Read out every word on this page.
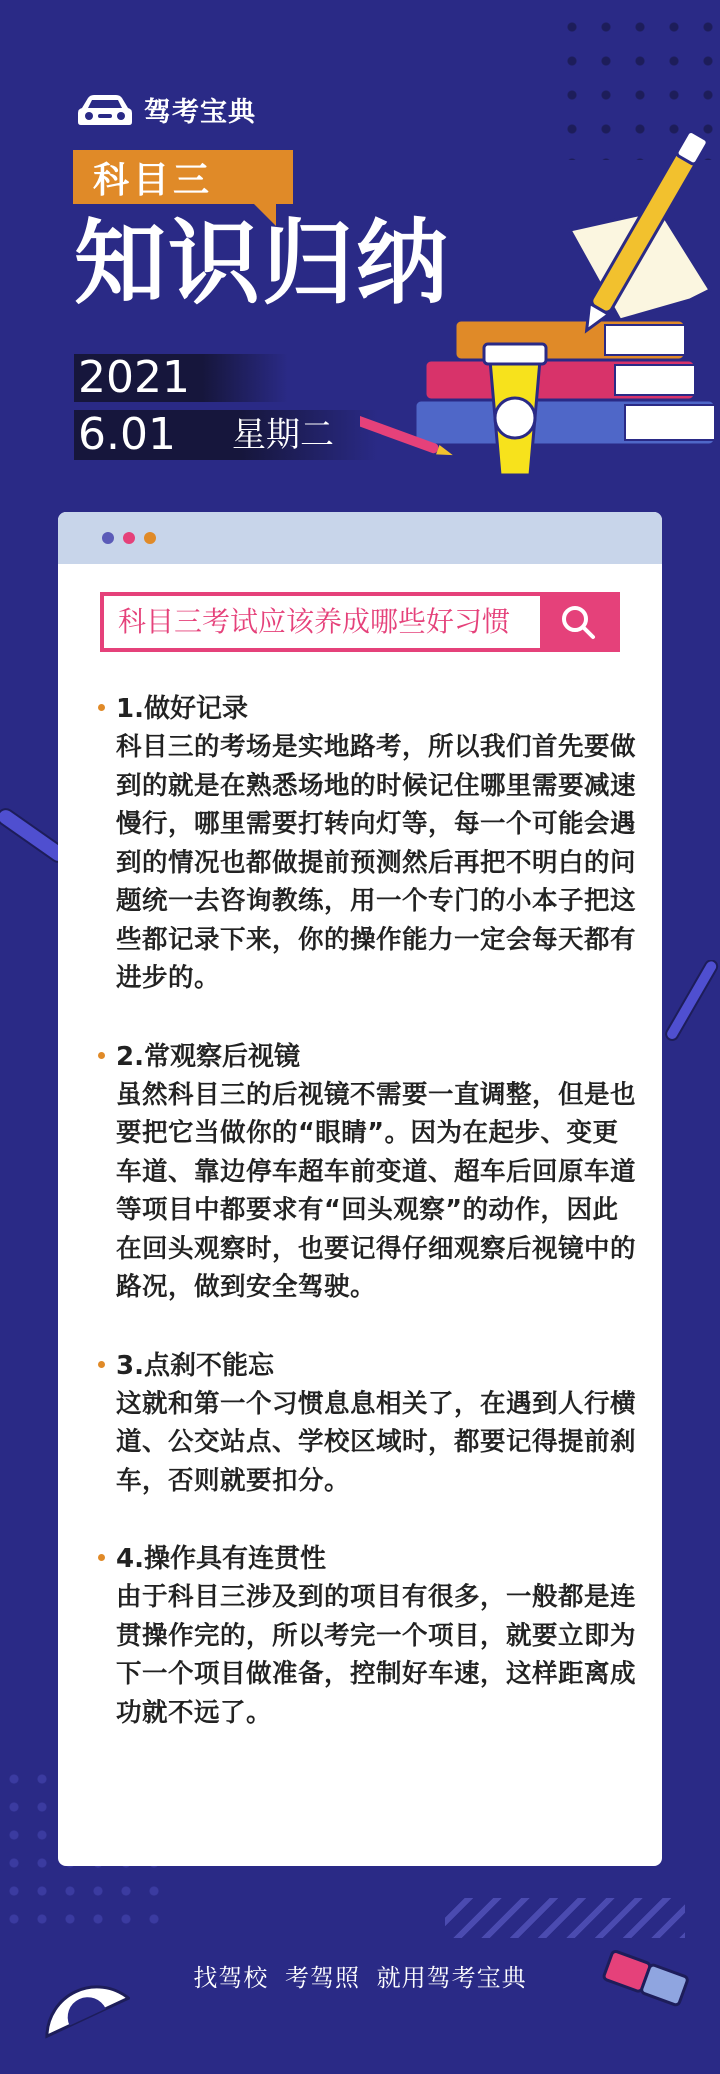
驾考宝典
科目三
知识归纳
2021
6.01 星期二
科目三考试应该养成哪些好习惯
1.做好记录
科目三的考场是实地路考，所以我们首先要做到的就是在熟悉场地的时候记住哪里需要减速慢行，哪里需要打转向灯等，每一个可能会遇到的情况也都做提前预测然后再把不明白的问题统一去咨询教练，用一个专门的小本子把这些都记录下来，你的操作能力一定会每天都有进步的。
2.常观察后视镜
虽然科目三的后视镜不需要一直调整，但是也要把它当做你的“眼睛”。因为在起步、变更车道、靠边停车超车前变道、超车后回原车道等项目中都要求有“回头观察”的动作，因此在回头观察时，也要记得仔细观察后视镜中的路况，做到安全驾驶。
3.点刹不能忘
这就和第一个习惯息息相关了，在遇到人行横道、公交站点、学校区域时，都要记得提前刹车，否则就要扣分。
4.操作具有连贯性
由于科目三涉及到的项目有很多，一般都是连贯操作完的，所以考完一个项目，就要立即为下一个项目做准备，控制好车速，这样距离成功就不远了。
找驾校 考驾照 就用驾考宝典
